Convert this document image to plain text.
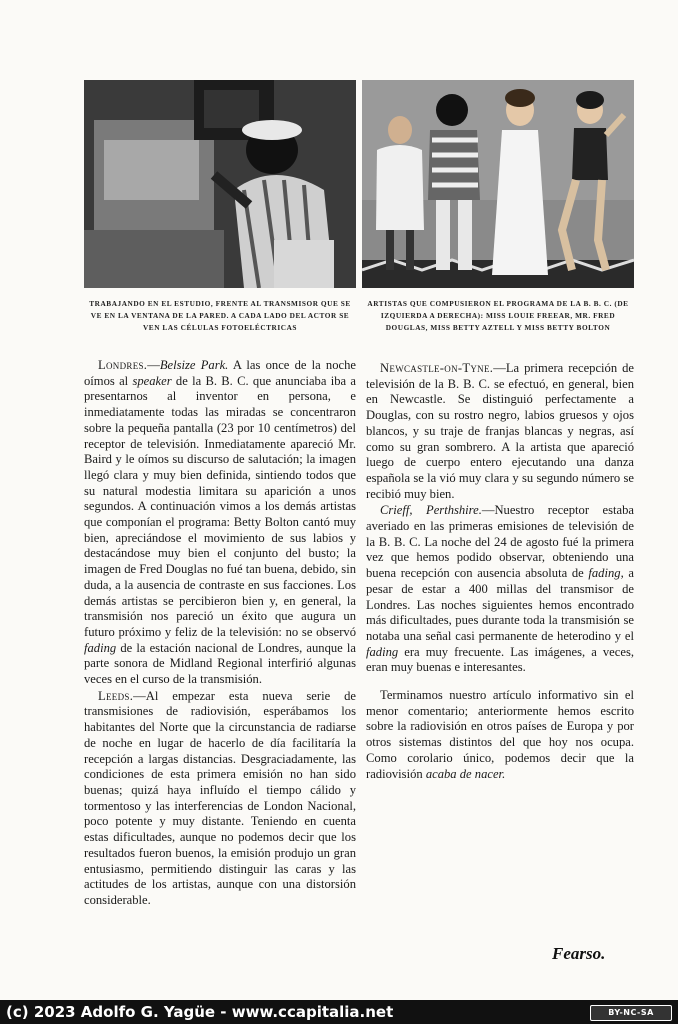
TRABAJANDO EN EL ESTUDIO, FRENTE AL TRANSMISOR QUE SE VE EN LA VENTANA DE LA PARED. A CADA LADO DEL ACTOR SE VEN LAS CÉLULAS FOTOELÉCTRICAS
ARTISTAS QUE COMPUSIERON EL PROGRAMA DE LA B. B. C. (DE IZQUIERDA A DERECHA): MISS LOUIE FREEAR, MR. FRED DOUGLAS, MISS BETTY AZTELL Y MISS BETTY BOLTON

Londres.—Belsize Park. A las once de la noche oímos al speaker de la B. B. C. que anunciaba iba a presentarnos al inventor en persona, e inmediatamente todas las miradas se concentraron sobre la pequeña pantalla (23 por 10 centímetros) del receptor de televisión. Inmediatamente apareció Mr. Baird y le oímos su discurso de salutación; la imagen llegó clara y muy bien definida, sintiendo todos que su natural modestia limitara su aparición a unos segundos. A continuación vimos a los demás artistas que componían el programa: Betty Bolton cantó muy bien, apreciándose el movimiento de sus labios y destacándose muy bien el conjunto del busto; la imagen de Fred Douglas no fué tan buena, debido, sin duda, a la ausencia de contraste en sus facciones. Los demás artistas se percibieron bien y, en general, la transmisión nos pareció un éxito que augura un futuro próximo y feliz de la televisión: no se observó fading de la estación nacional de Londres, aunque la parte sonora de Midland Regional interfirió algunas veces en el curso de la transmisión.

Leeds.—Al empezar esta nueva serie de transmisiones de radiovisión, esperábamos los habitantes del Norte que la circunstancia de radiarse de noche en lugar de hacerlo de día facilitaría la recepción a largas distancias. Desgraciadamente, las condiciones de esta primera emisión no han sido buenas; quizá haya influído el tiempo cálido y tormentoso y las interferencias de London Nacional, poco potente y muy distante. Teniendo en cuenta estas dificultades, aunque no podemos decir que los resultados fueron buenos, la emisión produjo un gran entusiasmo, permitiendo distinguir las caras y las actitudes de los artistas, aunque con una distorsión considerable.

Newcastle-on-Tyne.—La primera recepción de televisión de la B. B. C. se efectuó, en general, bien en Newcastle. Se distinguió perfectamente a Douglas, con su rostro negro, labios gruesos y ojos blancos, y su traje de franjas blancas y negras, así como su gran sombrero. A la artista que apareció luego de cuerpo entero ejecutando una danza española se la vió muy clara y su segundo número se recibió muy bien.

Crieff, Perthshire.—Nuestro receptor estaba averiado en las primeras emisiones de televisión de la B. B. C. La noche del 24 de agosto fué la primera vez que hemos podido observar, obteniendo una buena recepción con ausencia absoluta de fading, a pesar de estar a 400 millas del transmisor de Londres. Las noches siguientes hemos encontrado más dificultades, pues durante toda la transmisión se notaba una señal casi permanente de heterodino y el fading era muy frecuente. Las imágenes, a veces, eran muy buenas e interesantes.

Terminamos nuestro artículo informativo sin el menor comentario; anteriormente hemos escrito sobre la radiovisión en otros países de Europa y por otros sistemas distintos del que hoy nos ocupa. Como corolario único, podemos decir que la radiovisión acaba de nacer.

Fearso.
(c) 2023 Adolfo G. Yagüe - www.ccapitalia.net	BY-NC-SA
